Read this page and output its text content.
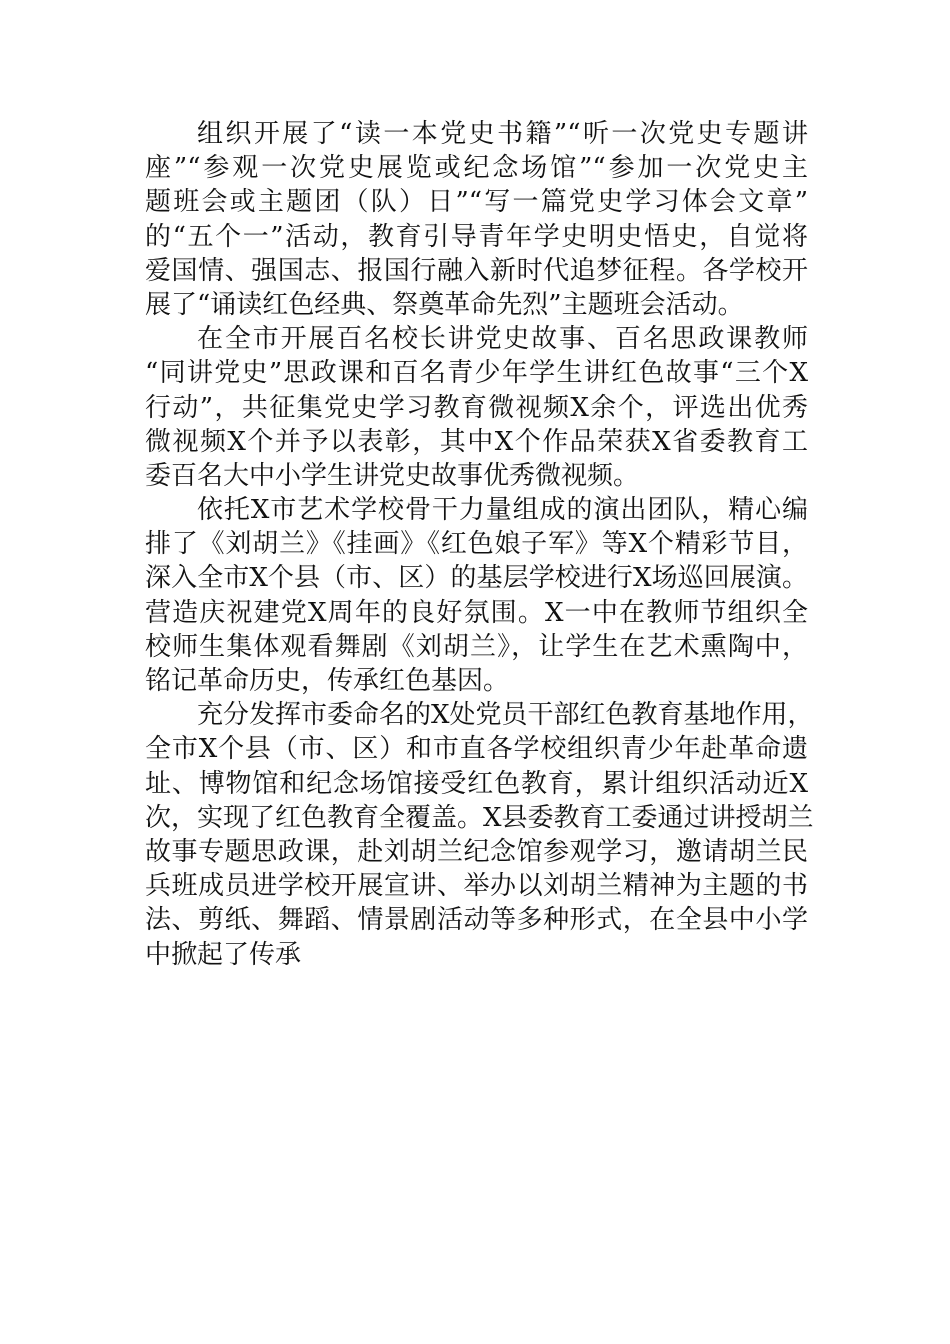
组织开展了“读一本党史书籍”“听一次党史专题讲
座”“参观一次党史展览或纪念场馆”“参加一次党史主
题班会或主题团（队）日”“写一篇党史学习体会文章”
的“五个一”活动，教育引导青年学史明史悟史，自觉将
爱国情、强国志、报国行融入新时代追梦征程。各学校开
展了“诵读红色经典、祭奠革命先烈”主题班会活动。
在全市开展百名校长讲党史故事、百名思政课教师
“同讲党史”思政课和百名青少年学生讲红色故事“三个X
行动”，共征集党史学习教育微视频X余个，评选出优秀
微视频X个并予以表彰，其中X个作品荣获X省委教育工
委百名大中小学生讲党史故事优秀微视频。
依托X市艺术学校骨干力量组成的演出团队，精心编
排了《刘胡兰》《挂画》《红色娘子军》等X个精彩节目，
深入全市X个县（市、区）的基层学校进行X场巡回展演。
营造庆祝建党X周年的良好氛围。X一中在教师节组织全
校师生集体观看舞剧《刘胡兰》，让学生在艺术熏陶中，
铭记革命历史，传承红色基因。
充分发挥市委命名的X处党员干部红色教育基地作用，
全市X个县（市、区）和市直各学校组织青少年赴革命遗
址、博物馆和纪念场馆接受红色教育，累计组织活动近X
次，实现了红色教育全覆盖。X县委教育工委通过讲授胡兰
故事专题思政课，赴刘胡兰纪念馆参观学习，邀请胡兰民
兵班成员进学校开展宣讲、举办以刘胡兰精神为主题的书
法、剪纸、舞蹈、情景剧活动等多种形式，在全县中小学
中掀起了传承
